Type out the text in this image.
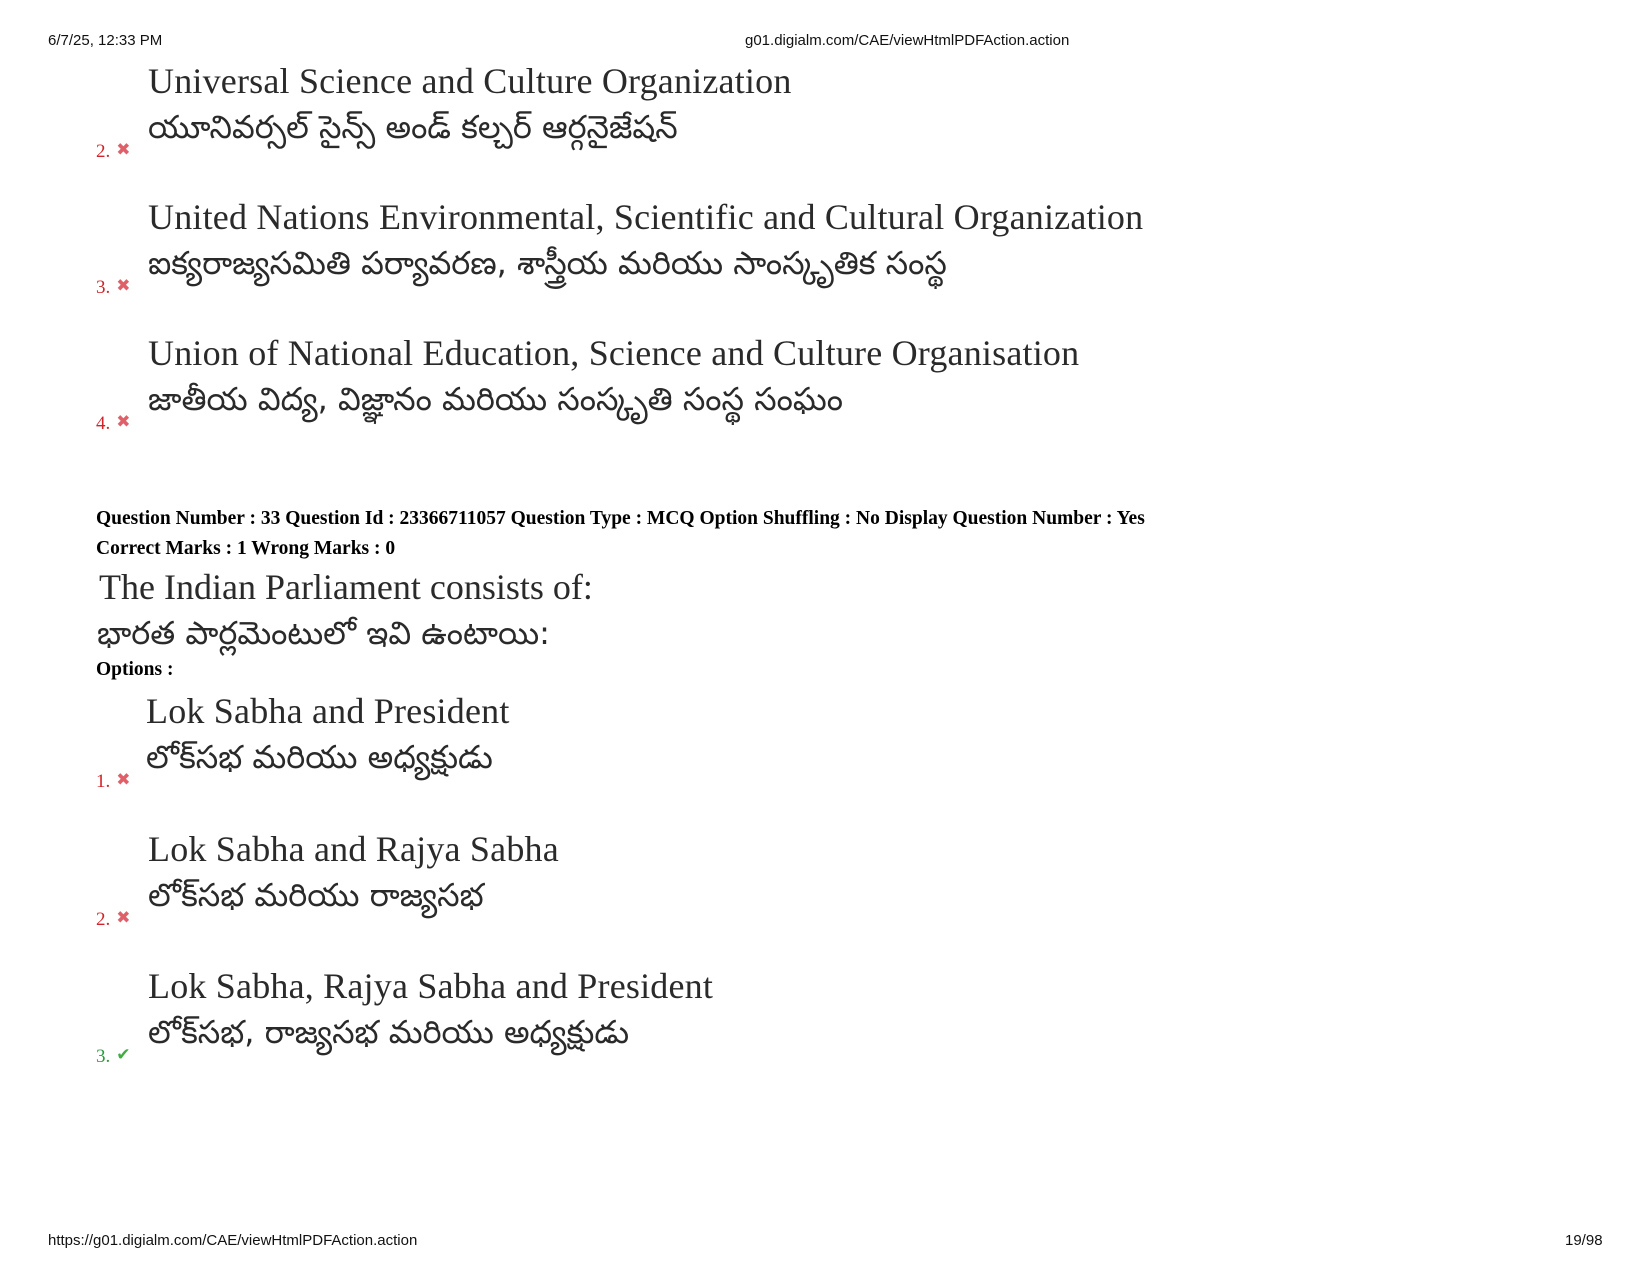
6/7/25, 12:33 PM	g01.digialm.com/CAE/viewHtmlPDFAction.action
Universal Science and Culture Organization
యూనివర్సల్ సైన్స్ అండ్ కల్చర్ ఆర్గనైజేషన్
2. ✖
United Nations Environmental, Scientific and Cultural Organization
ఐక్యరాజ్యసమితి పర్యావరణ, శాస్త్రీయ మరియు సాంస్కృతిక సంస్థ
3. ✖
Union of National Education, Science and Culture Organisation
జాతీయ విద్య, విజ్ఞానం మరియు సంస్కృతి సంస్థ సంఘం
4. ✖
Question Number : 33 Question Id : 23366711057 Question Type : MCQ Option Shuffling : No Display Question Number : Yes
Correct Marks : 1 Wrong Marks : 0
The Indian Parliament consists of:
భారత పార్లమెంటులో ఇవి ఉంటాయి:
Options :
Lok Sabha and President
లోక్‌సభ మరియు అధ్యక్షుడు
1. ✖
Lok Sabha and Rajya Sabha
లోక్‌సభ మరియు రాజ్యసభ
2. ✖
Lok Sabha, Rajya Sabha and President
లోక్‌సభ, రాజ్యసభ మరియు అధ్యక్షుడు
3. ✔
https://g01.digialm.com/CAE/viewHtmlPDFAction.action	19/98
